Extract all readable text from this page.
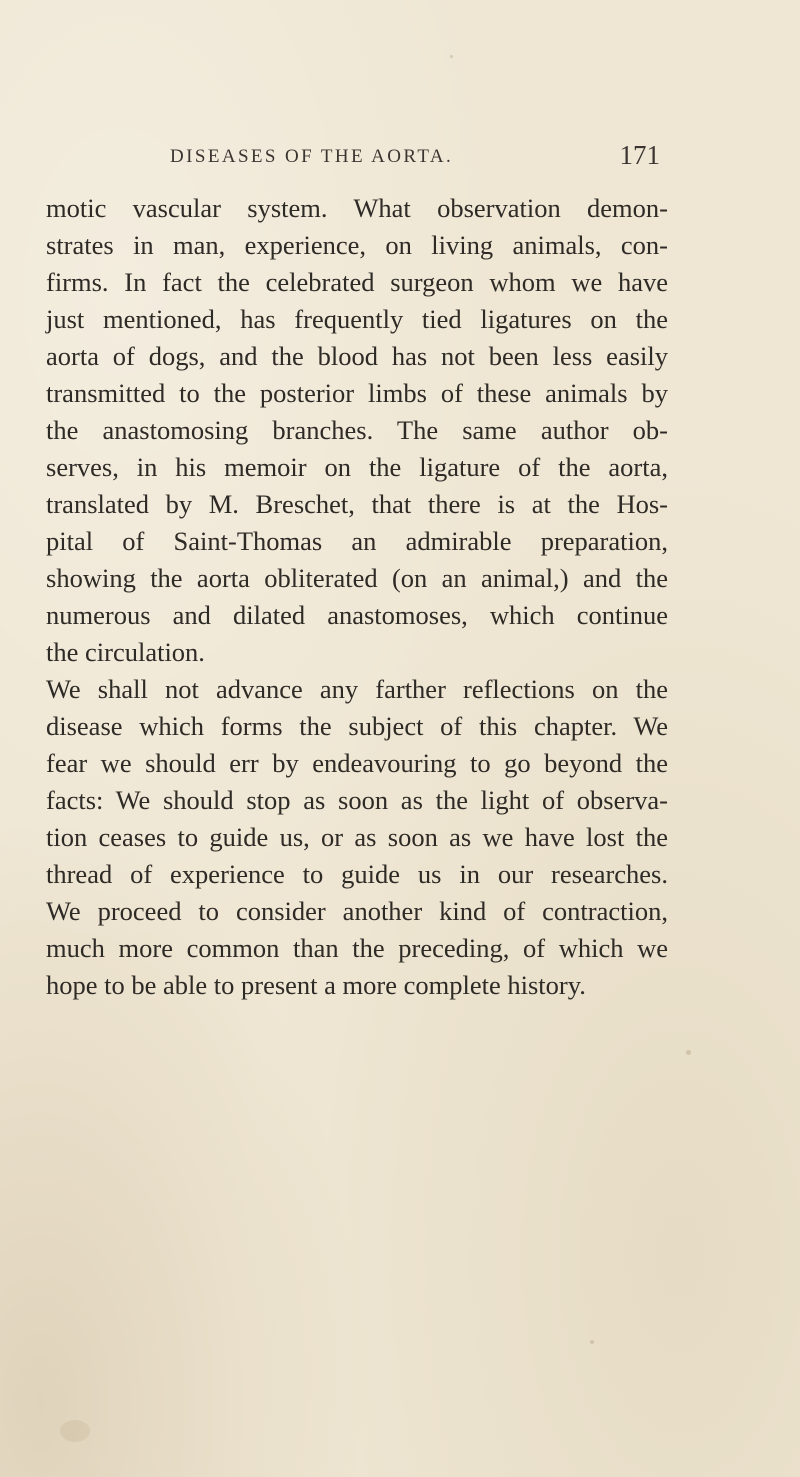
DISEASES OF THE AORTA.	171
motic vascular system. What observation demon-
strates in man, experience, on living animals, con-
firms. In fact the celebrated surgeon whom we have
just mentioned, has frequently tied ligatures on the
aorta of dogs, and the blood has not been less easily
transmitted to the posterior limbs of these animals by
the anastomosing branches. The same author ob-
serves, in his memoir on the ligature of the aorta,
translated by M. Breschet, that there is at the Hos-
pital of Saint-Thomas an admirable preparation,
showing the aorta obliterated (on an animal,) and the
numerous and dilated anastomoses, which continue
the circulation.
We shall not advance any farther reflections on the
disease which forms the subject of this chapter. We
fear we should err by endeavouring to go beyond the
facts: We should stop as soon as the light of observa-
tion ceases to guide us, or as soon as we have lost the
thread of experience to guide us in our researches.
We proceed to consider another kind of contraction,
much more common than the preceding, of which we
hope to be able to present a more complete history.
